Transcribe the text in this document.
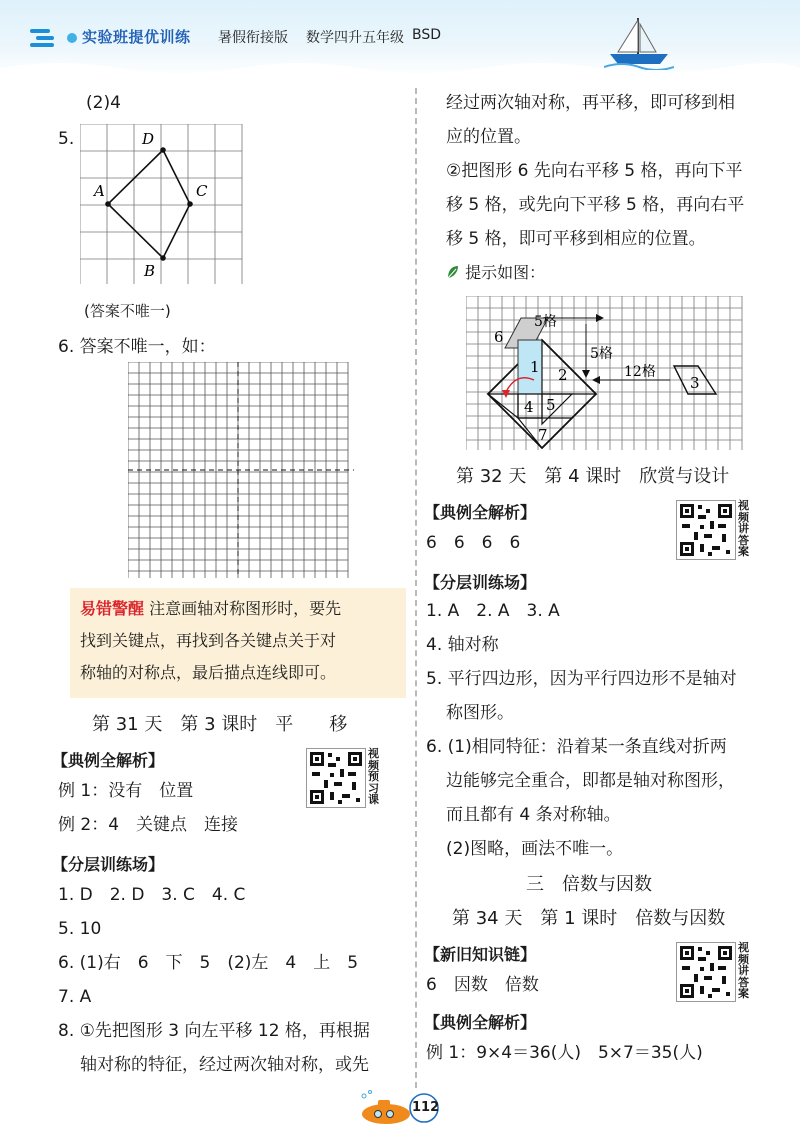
实验班提优训练 暑假衔接版 数学四升五年级 BSD
(2)4
5.	D
A	C
B
(答案不唯一)
6. 答案不唯一，如：
易错警醒 注意画轴对称图形时，要先
找到关键点，再找到各关键点关于对
称轴的对称点，最后描点连线即可。
第 31 天　第 3 课时　平　　移
【典例全解析】	视
频
预
习
课
例 1：没有　位置
例 2：4　关键点　连接
【分层训练场】
1. D　2. D　3. C　4. C
5. 10
6. (1)右　6　下　5　(2)左　4　上　5
7. A
8. ①先把图形 3 向左平移 12 格，再根据
轴对称的特征，经过两次轴对称，或先
经过两次轴对称，再平移，即可移到相
应的位置。
②把图形 6 先向右平移 5 格，再向下平
移 5 格，或先向下平移 5 格，再向右平
移 5 格，即可平移到相应的位置。
提示如图：
5格
5格
12格
6
1 2	3
4 5
7
第 32 天　第 4 课时　欣赏与设计
【典例全解析】	视
频
讲
答
案
6　6　6　6
【分层训练场】
1. A　2. A　3. A
4. 轴对称
5. 平行四边形，因为平行四边形不是轴对
称图形。
6. (1)相同特征：沿着某一条直线对折两
边能够完全重合，即都是轴对称图形，
而且都有 4 条对称轴。
(2)图略，画法不唯一。
三　倍数与因数
第 34 天　第 1 课时　倍数与因数
【新旧知识链】	视
频
讲
答
案
6　因数　倍数
【典例全解析】
例 1：9×4＝36(人)　5×7＝35(人)
112
